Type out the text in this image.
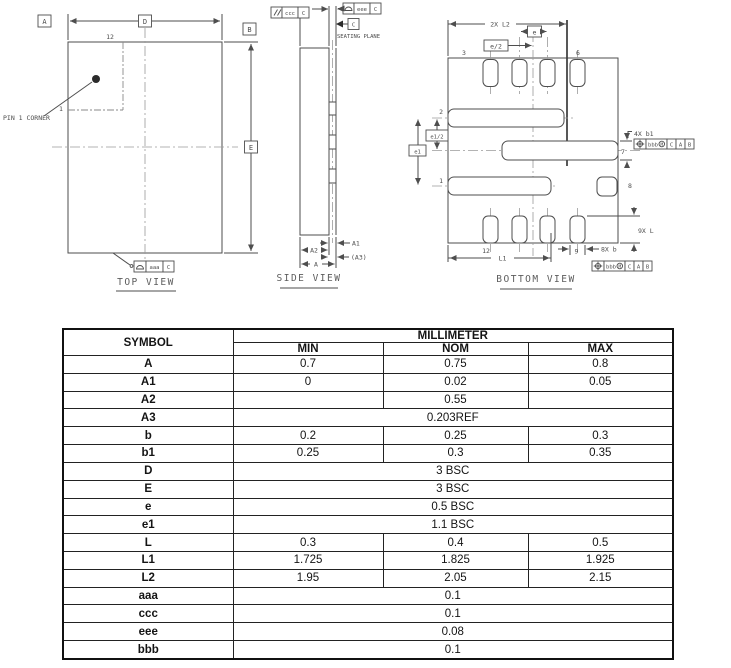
D
A
B
E
12
1
PIN 1 CORNER
aaa C
TOP VIEW
ccc C
eee C
C
SEATING PLANE
A2
A1
(A3)
A
SIDE VIEW
3	6
e
e/2
2X L2
2
1
8
e1/2
e1
12
L1
9	8X b
9X L
4X b1
7
bbb M C A B
bbb M C A B
BOTTOM VIEW
SYMBOL	MILLIMETER		
	MIN	NOM	MAX
A	0.7	0.75	0.8
A1	0	0.02	0.05
A2		0.55	
A3	0.203REF		
b	0.2	0.25	0.3
b1	0.25	0.3	0.35
D	3 BSC		
E	3 BSC		
e	0.5 BSC		
e1	1.1 BSC		
L	0.3	0.4	0.5
L1	1.725	1.825	1.925
L2	1.95	2.05	2.15
aaa	0.1		
ccc	0.1		
eee	0.08		
bbb	0.1		
